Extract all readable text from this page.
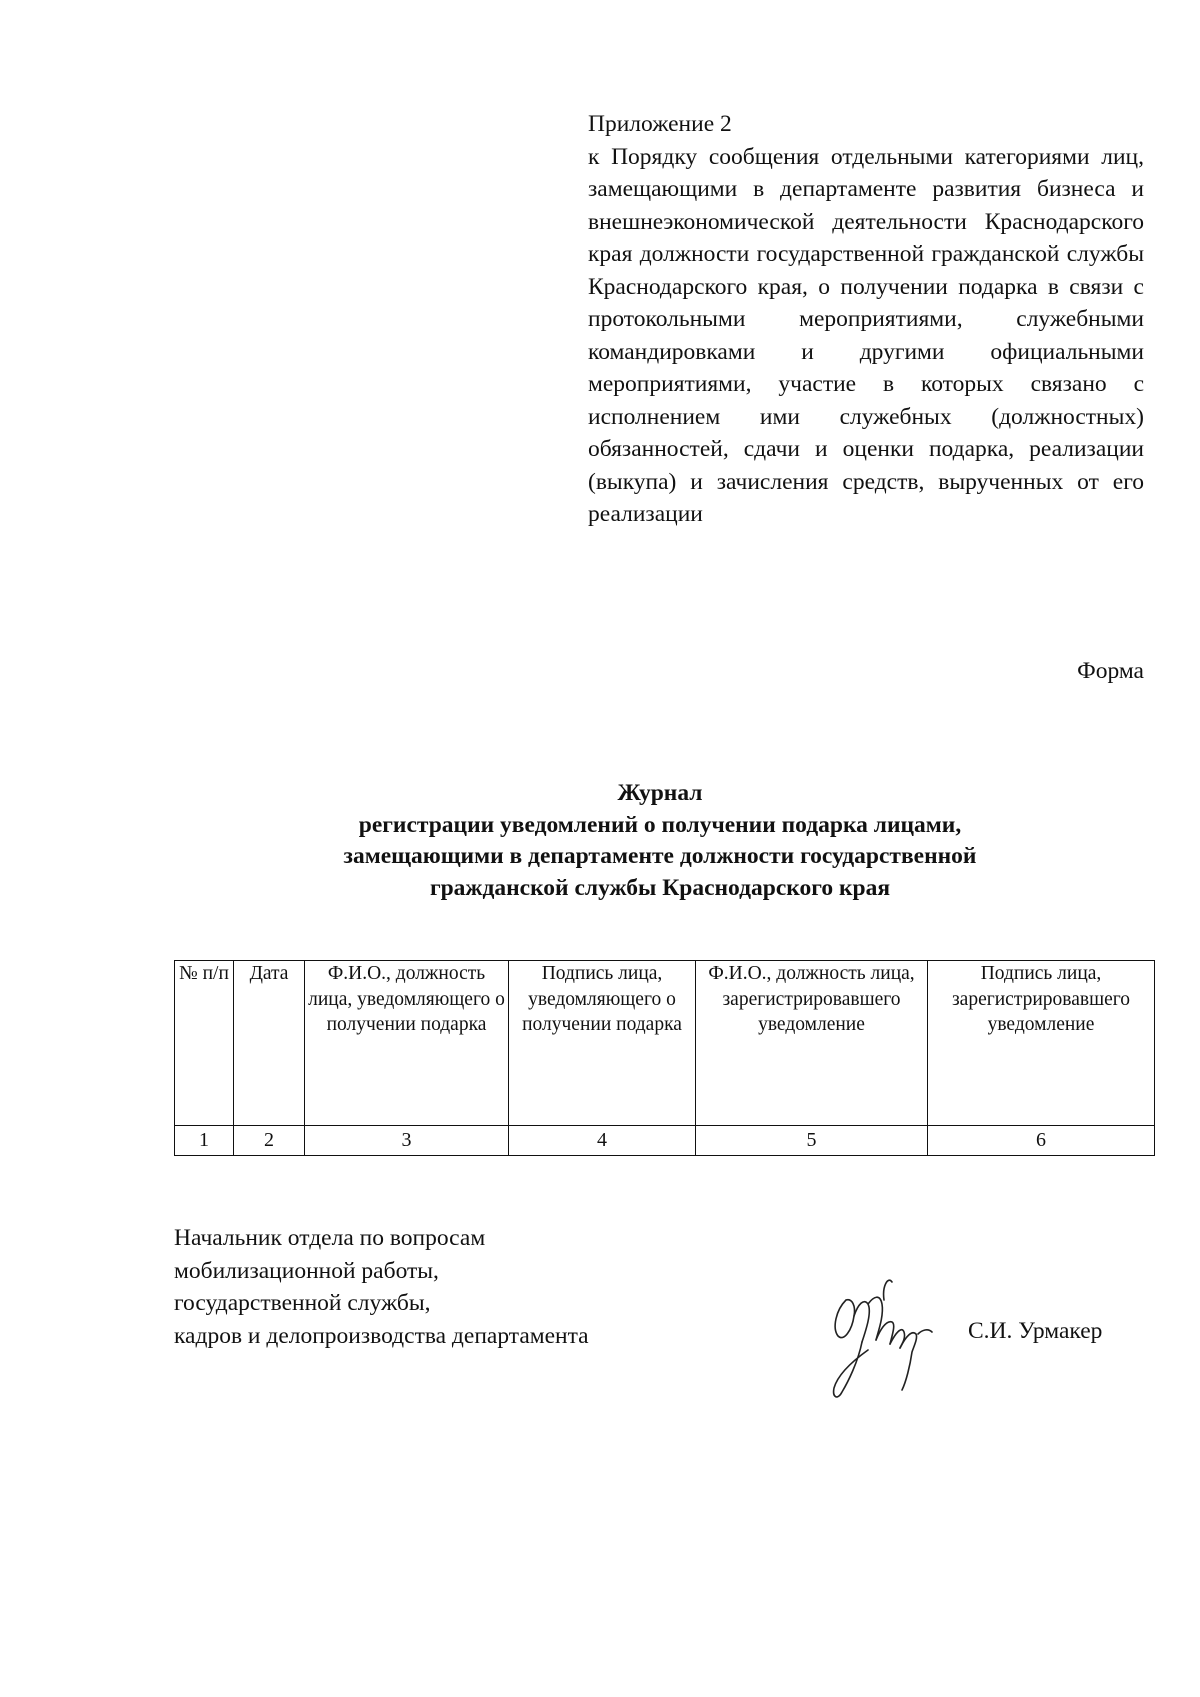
Приложение 2
к Порядку сообщения отдельными категориями лиц, замещающими в департаменте развития бизнеса и внешнеэкономической деятельности Краснодарского края должности государственной гражданской службы Краснодарского края, о получении подарка в связи с протокольными мероприятиями, служебными командировками и другими официальными мероприятиями, участие в которых связано с исполнением ими служебных (должностных) обязанностей, сдачи и оценки подарка, реализации (выкупа) и зачисления средств, вырученных от его реализации
Форма
Журнал
регистрации уведомлений о получении подарка лицами,
замещающими в департаменте должности государственной
гражданской службы Краснодарского края
№ п/п	Дата	Ф.И.О., должность лица, уведомляющего о получении подарка	Подпись лица, уведомляющего о получении подарка	Ф.И.О., должность лица, зарегистрировавшего уведомление	Подпись лица, зарегистрировавшего уведомление
1	2	3	4	5	6
Начальник отдела по вопросам
мобилизационной работы,
государственной службы,
кадров и делопроизводства департамента	С.И. Урмакер
